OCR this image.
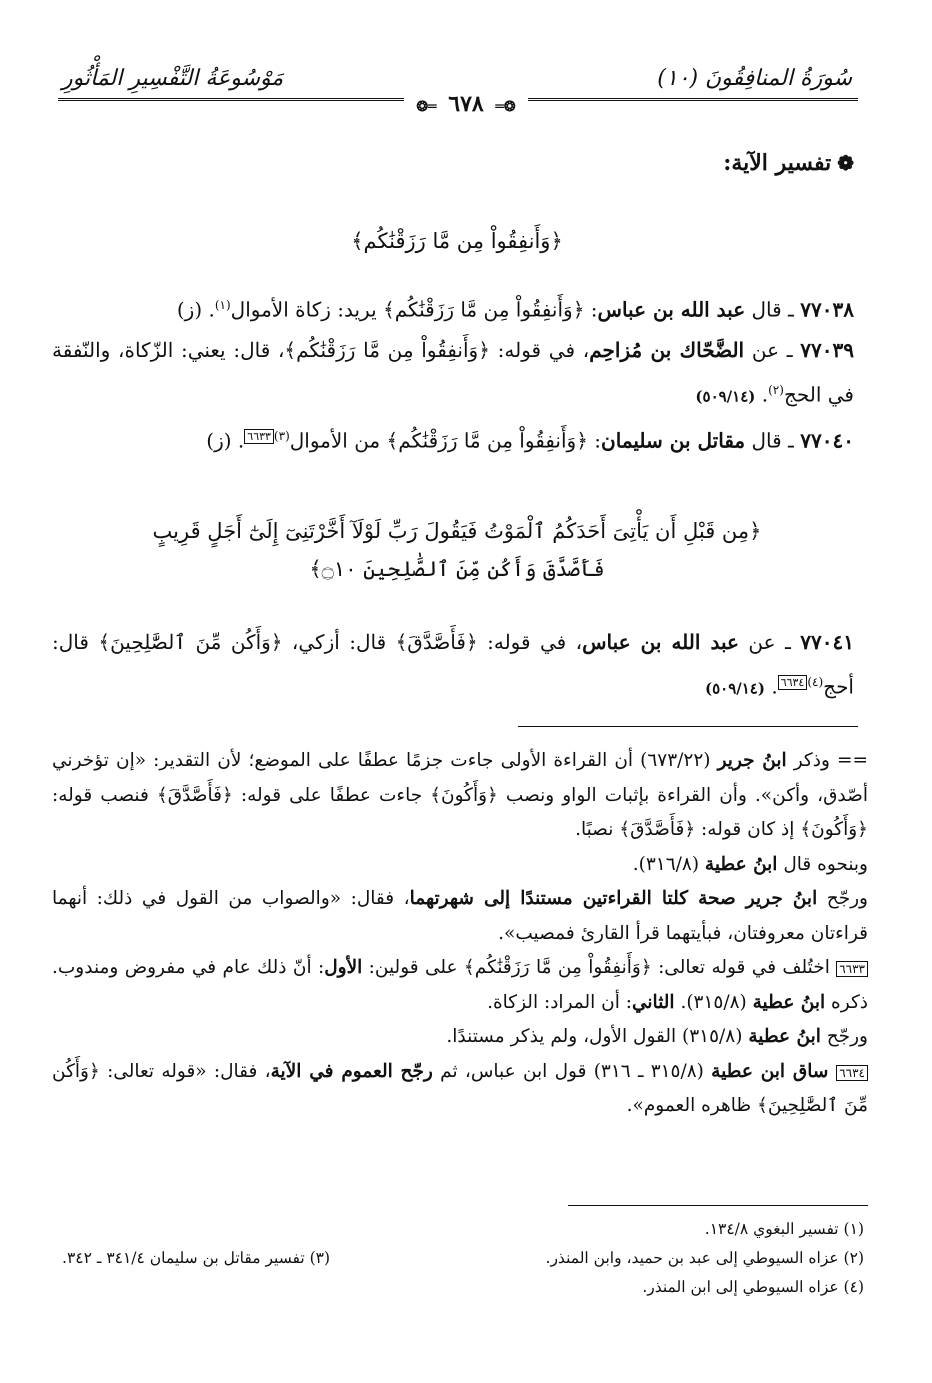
سُورَةُ المنافِقُونَ (١٠)
مَوْسُوعَةُ التَّفْسِيرِ المَأْثُورِ
❂═ ٦٧٨ ═❂
❁تفسير الآية:
﴿وَأَنفِقُواْ مِن مَّا رَزَقْنَٰكُم﴾

٧٧٠٣٨ ـ قال عبد الله بن عباس: ﴿وَأَنفِقُواْ مِن مَّا رَزَقْنَٰكُم﴾ يريد: زكاة الأموال$^{(١)}$. (ز)

٧٧٠٣٩ ـ عن الضَّحّاك بن مُزاحِم، في قوله: ﴿وَأَنفِقُواْ مِن مَّا رَزَقْنَٰكُم﴾، قال: يعني: الزّكاة، والنّفقة في الحج$^{(٢)}$. (٥٠٩/١٤)

٧٧٠٤٠ ـ قال مقاتل بن سليمان: ﴿وَأَنفِقُواْ مِن مَّا رَزَقْنَٰكُم﴾ من الأموال$^{(٣)}$٦٦٣٣. (ز)

﴿مِن قَبْلِ أَن يَأْتِىَ أَحَدَكُمُ ٱلْمَوْتُ فَيَقُولَ رَبِّ لَوْلَآ أَخَّرْتَنِىٓ إِلَىٰٓ أَجَلٍ قَرِيبٍ
فَأَصَّدَّقَ وَأَكُن مِّنَ ٱلصَّٰلِحِينَ ۝١٠﴾

٧٧٠٤١ ـ عن عبد الله بن عباس، في قوله: ﴿فَأَصَّدَّقَ﴾ قال: أزكي، ﴿وَأَكُن مِّنَ ٱلصَّٰلِحِينَ﴾ قال: أحج$^{(٤)}$٦٦٣٤. (٥٠٩/١٤)

== وذكر ابنُ جرير (٦٧٣/٢٢) أن القراءة الأولى جاءت جزمًا عطفًا على الموضع؛ لأن التقدير: «إن تؤخرني أصّدق، وأكن». وأن القراءة بإثبات الواو ونصب ﴿وَأَكُونَ﴾ جاءت عطفًا على قوله: ﴿فَأَصَّدَّقَ﴾ فنصب قوله: ﴿وَأَكُونَ﴾ إذ كان قوله: ﴿فَأَصَّدَّقَ﴾ نصبًا.

وبنحوه قال ابنُ عطية (٣١٦/٨).

ورجّح ابنُ جرير صحة كلتا القراءتين مستندًا إلى شهرتهما، فقال: «والصواب من القول في ذلك: أنهما قراءتان معروفتان، فبأيتهما قرأ القارئ فمصيب».

٦٦٣٣ اختُلف في قوله تعالى: ﴿وَأَنفِقُواْ مِن مَّا رَزَقْنَٰكُم﴾ على قولين: الأول: أنّ ذلك عام في مفروض ومندوب. ذكره ابنُ عطية (٣١٥/٨). الثاني: أن المراد: الزكاة.

ورجّح ابنُ عطية (٣١٥/٨) القول الأول، ولم يذكر مستندًا.

٦٦٣٤ ساق ابن عطية (٣١٥/٨ ـ ٣١٦) قول ابن عباس، ثم رجّح العموم في الآية، فقال: «قوله تعالى: ﴿وَأَكُن مِّنَ ٱلصَّٰلِحِينَ﴾ ظاهره العموم».

(١) تفسير البغوي ١٣٤/٨.

(٢) عزاه السيوطي إلى عبد بن حميد، وابن المنذر.
(٣) تفسير مقاتل بن سليمان ٣٤١/٤ ـ ٣٤٢.

(٤) عزاه السيوطي إلى ابن المنذر.
